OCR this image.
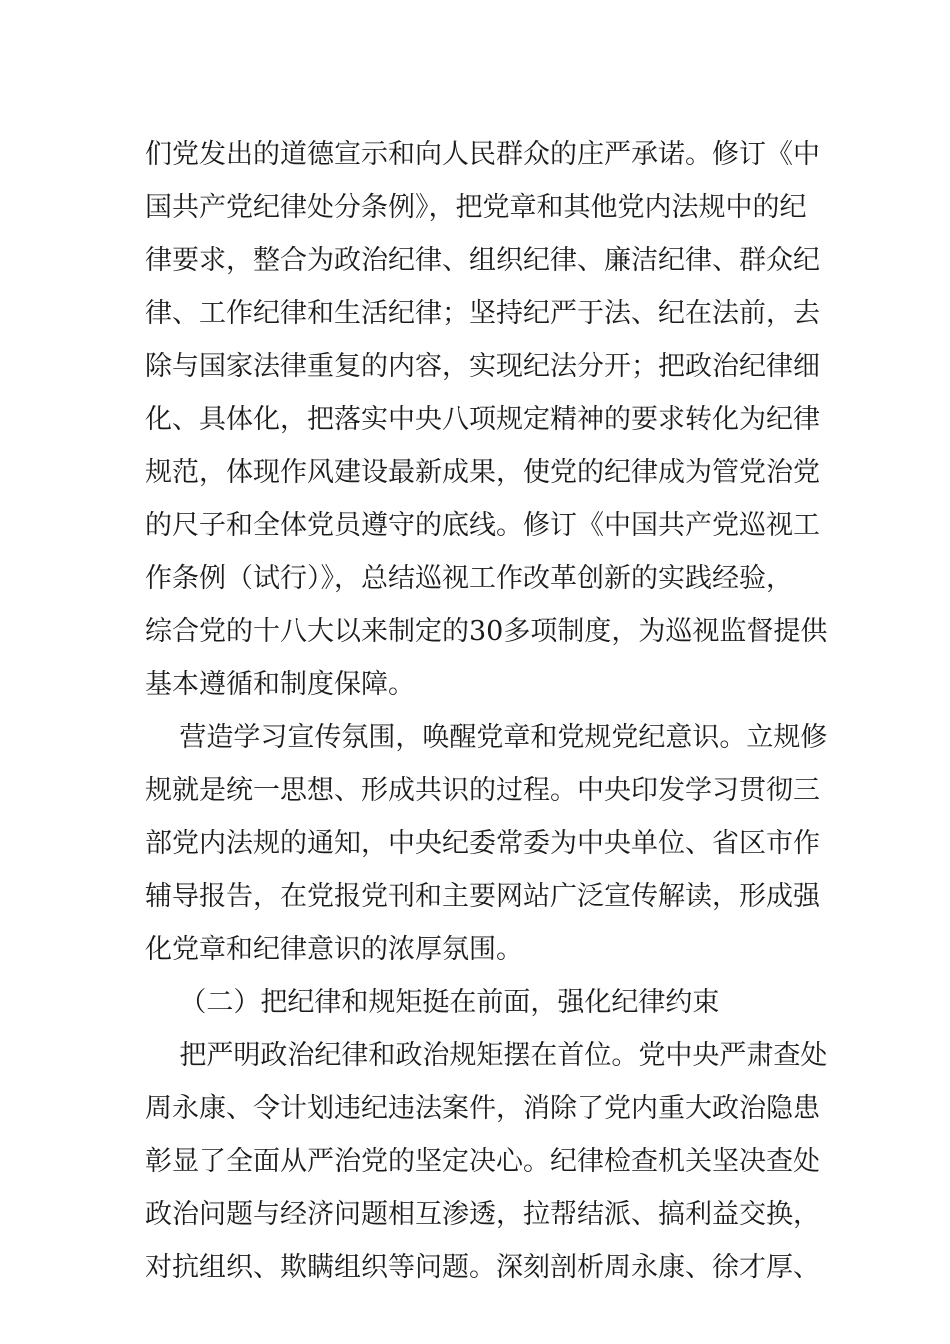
们党发出的道德宣示和向人民群众的庄严承诺。修订《中
国共产党纪律处分条例》，把党章和其他党内法规中的纪
律要求，整合为政治纪律、组织纪律、廉洁纪律、群众纪
律、工作纪律和生活纪律；坚持纪严于法、纪在法前，去
除与国家法律重复的内容，实现纪法分开；把政治纪律细
化、具体化，把落实中央八项规定精神的要求转化为纪律
规范，体现作风建设最新成果，使党的纪律成为管党治党
的尺子和全体党员遵守的底线。修订《中国共产党巡视工
作条例（试行）》，总结巡视工作改革创新的实践经验，
综合党的十八大以来制定的30多项制度，为巡视监督提供
基本遵循和制度保障。
营造学习宣传氛围，唤醒党章和党规党纪意识。立规修
规就是统一思想、形成共识的过程。中央印发学习贯彻三
部党内法规的通知，中央纪委常委为中央单位、省区市作
辅导报告，在党报党刊和主要网站广泛宣传解读，形成强
化党章和纪律意识的浓厚氛围。
（二）把纪律和规矩挺在前面，强化纪律约束
把严明政治纪律和政治规矩摆在首位。党中央严肃查处
周永康、令计划违纪违法案件，消除了党内重大政治隐患
彰显了全面从严治党的坚定决心。纪律检查机关坚决查处
政治问题与经济问题相互渗透，拉帮结派、搞利益交换，
对抗组织、欺瞒组织等问题。深刻剖析周永康、徐才厚、
